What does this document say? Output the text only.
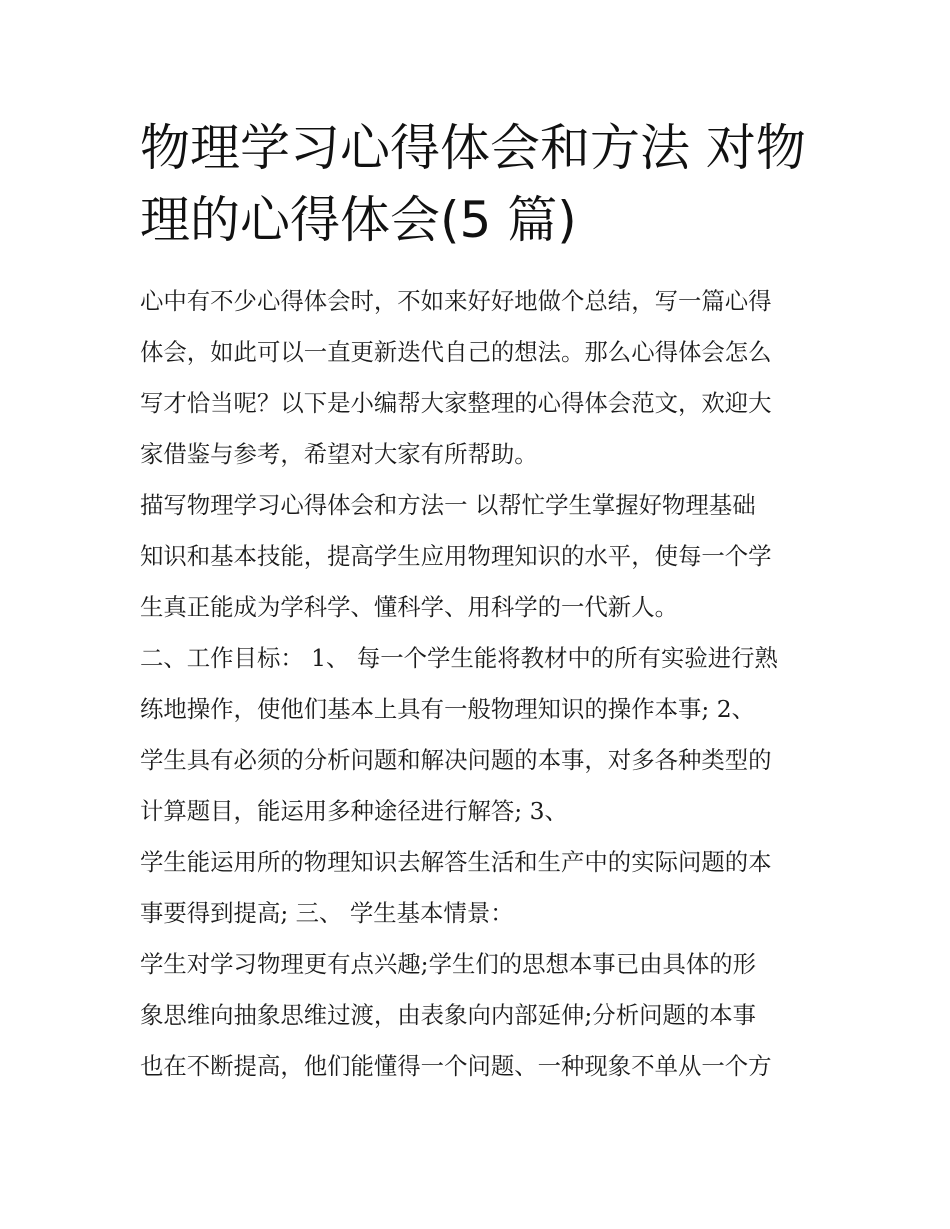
物理学习心得体会和方法 对物
理的心得体会(5 篇)
心中有不少心得体会时，不如来好好地做个总结，写一篇心得
体会，如此可以一直更新迭代自己的想法。那么心得体会怎么
写才恰当呢？以下是小编帮大家整理的心得体会范文，欢迎大
家借鉴与参考，希望对大家有所帮助。
描写物理学习心得体会和方法一 以帮忙学生掌握好物理基础
知识和基本技能，提高学生应用物理知识的水平，使每一个学
生真正能成为学科学、懂科学、用科学的一代新人。
二、工作目标： 1、 每一个学生能将教材中的所有实验进行熟
练地操作，使他们基本上具有一般物理知识的操作本事; 2、
学生具有必须的分析问题和解决问题的本事，对多各种类型的
计算题目，能运用多种途径进行解答; 3、
学生能运用所的物理知识去解答生活和生产中的实际问题的本
事要得到提高; 三、 学生基本情景：
学生对学习物理更有点兴趣;学生们的思想本事已由具体的形
象思维向抽象思维过渡，由表象向内部延伸;分析问题的本事
也在不断提高，他们能懂得一个问题、一种现象不单从一个方
